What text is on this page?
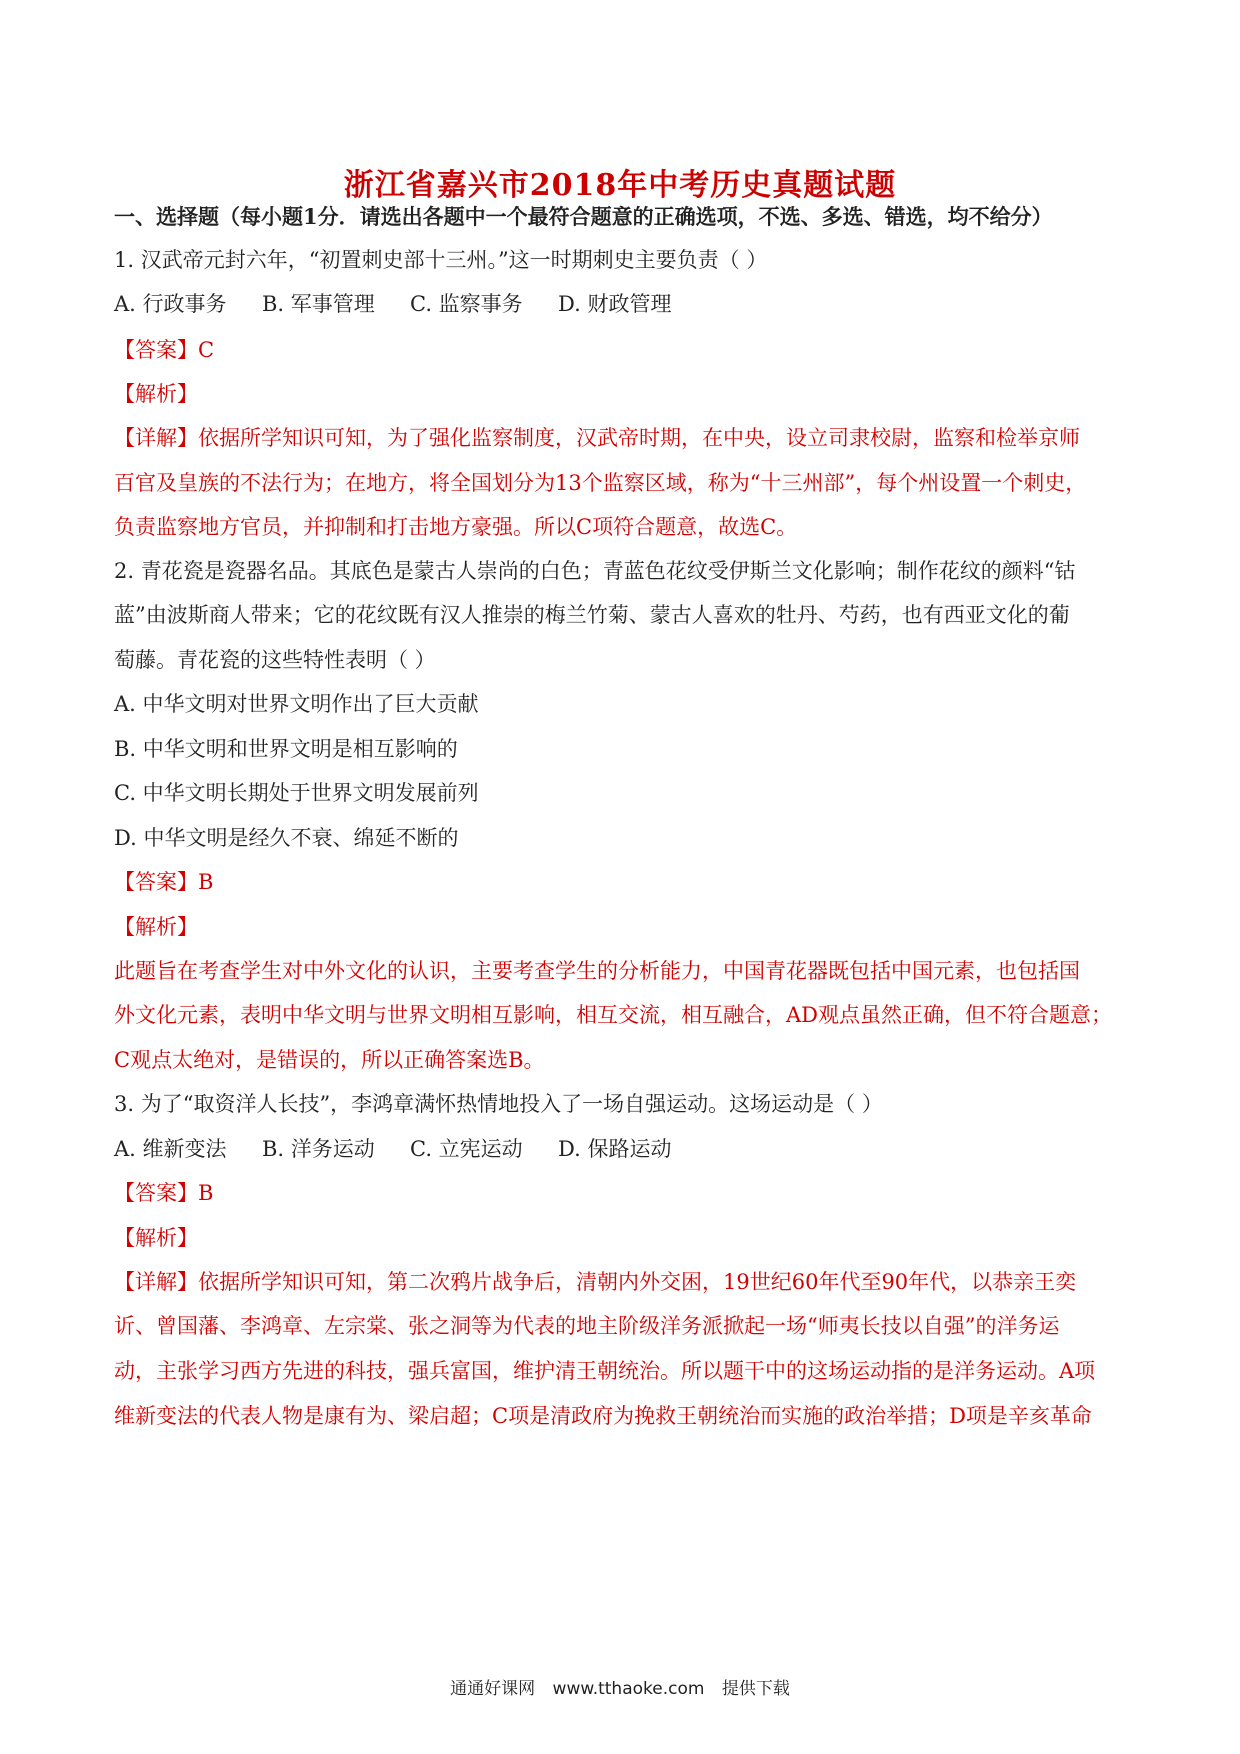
浙江省嘉兴市2018年中考历史真题试题
一、选择题（每小题1分．请选出各题中一个最符合题意的正确选项，不选、多选、错选，均不给分）
1. 汉武帝元封六年，“初置刺史部十三州。”这一时期刺史主要负责（ ）
A. 行政事务 B. 军事管理 C. 监察事务 D. 财政管理
【答案】C
【解析】
【详解】依据所学知识可知，为了强化监察制度，汉武帝时期，在中央，设立司隶校尉，监察和检举京师
百官及皇族的不法行为；在地方，将全国划分为13个监察区域，称为“十三州部”，每个州设置一个刺史，
负责监察地方官员，并抑制和打击地方豪强。所以C项符合题意，故选C。
2. 青花瓷是瓷器名品。其底色是蒙古人崇尚的白色；青蓝色花纹受伊斯兰文化影响；制作花纹的颜料“钴
蓝”由波斯商人带来；它的花纹既有汉人推崇的梅兰竹菊、蒙古人喜欢的牡丹、芍药，也有西亚文化的葡
萄藤。青花瓷的这些特性表明（ ）
A. 中华文明对世界文明作出了巨大贡献
B. 中华文明和世界文明是相互影响的
C. 中华文明长期处于世界文明发展前列
D. 中华文明是经久不衰、绵延不断的
【答案】B
【解析】
此题旨在考查学生对中外文化的认识，主要考查学生的分析能力，中国青花器既包括中国元素，也包括国
外文化元素，表明中华文明与世界文明相互影响，相互交流，相互融合，AD观点虽然正确，但不符合题意；
C观点太绝对，是错误的，所以正确答案选B。
3. 为了“取资洋人长技”，李鸿章满怀热情地投入了一场自强运动。这场运动是（ ）
A. 维新变法 B. 洋务运动 C. 立宪运动 D. 保路运动
【答案】B
【解析】
【详解】依据所学知识可知，第二次鸦片战争后，清朝内外交困，19世纪60年代至90年代，以恭亲王奕
䜣、曾国藩、李鸿章、左宗棠、张之洞等为代表的地主阶级洋务派掀起一场“师夷长技以自强”的洋务运
动，主张学习西方先进的科技，强兵富国，维护清王朝统治。所以题干中的这场运动指的是洋务运动。A项
维新变法的代表人物是康有为、梁启超；C项是清政府为挽救王朝统治而实施的政治举措；D项是辛亥革命
通通好课网 www.tthaoke.com 提供下载
